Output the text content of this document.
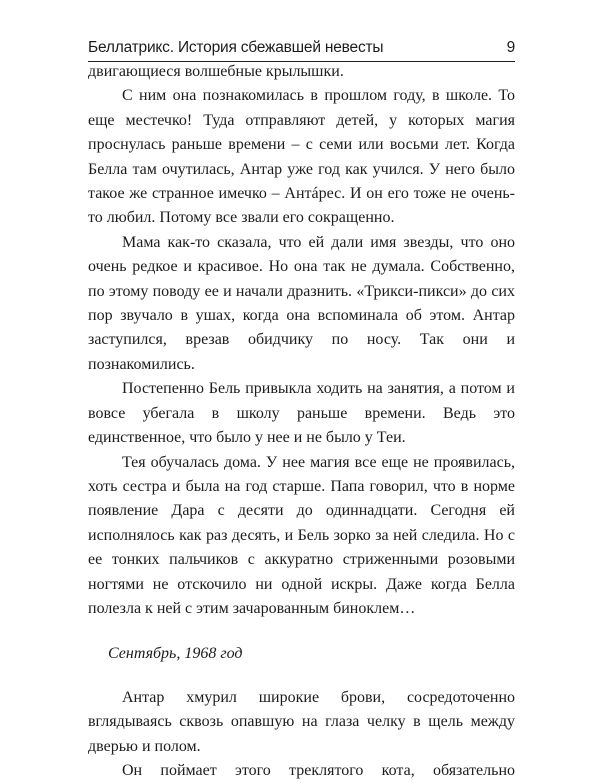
Беллатрикс. История сбежавшей невесты	9

двигающиеся волшебные крылышки.

С ним она познакомилась в прошлом году, в школе. То еще местечко! Туда отправляют детей, у которых магия проснулась раньше времени – с семи или восьми лет. Когда Белла там очутилась, Антар уже год как учился. У него было такое же странное имечко – Антáрес. И он его тоже не очень-то любил. Потому все звали его сокращенно.

Мама как-то сказала, что ей дали имя звезды, что оно очень редкое и красивое. Но она так не думала. Собственно, по этому поводу ее и начали дразнить. «Трикси-пикси» до сих пор звучало в ушах, когда она вспоминала об этом. Антар заступился, врезав обидчику по носу. Так они и познакомились.

Постепенно Бель привыкла ходить на занятия, а потом и вовсе убегала в школу раньше времени. Ведь это единственное, что было у нее и не было у Теи.

Тея обучалась дома. У нее магия все еще не проявилась, хоть сестра и была на год старше. Папа говорил, что в норме появление Дара с десяти до одиннадцати. Сегодня ей исполнялось как раз десять, и Бель зорко за ней следила. Но с ее тонких пальчиков с аккуратно стриженными розовыми ногтями не отскочило ни одной искры. Даже когда Белла полезла к ней с этим зачарованным биноклем…

Сентябрь, 1968 год

Антар хмурил широкие брови, сосредоточенно вглядываясь сквозь опавшую на глаза челку в щель между дверью и полом.

Он поймает этого треклятого кота, обязательно
